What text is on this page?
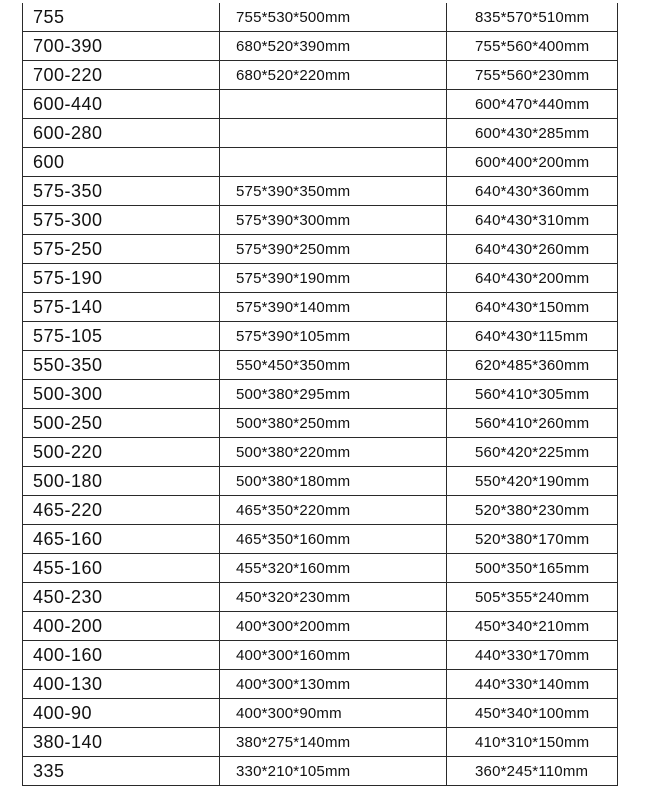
755	755*530*500mm	835*570*510mm
700-390	680*520*390mm	755*560*400mm
700-220	680*520*220mm	755*560*230mm
600-440		600*470*440mm
600-280		600*430*285mm
600		600*400*200mm
575-350	575*390*350mm	640*430*360mm
575-300	575*390*300mm	640*430*310mm
575-250	575*390*250mm	640*430*260mm
575-190	575*390*190mm	640*430*200mm
575-140	575*390*140mm	640*430*150mm
575-105	575*390*105mm	640*430*115mm
550-350	550*450*350mm	620*485*360mm
500-300	500*380*295mm	560*410*305mm
500-250	500*380*250mm	560*410*260mm
500-220	500*380*220mm	560*420*225mm
500-180	500*380*180mm	550*420*190mm
465-220	465*350*220mm	520*380*230mm
465-160	465*350*160mm	520*380*170mm
455-160	455*320*160mm	500*350*165mm
450-230	450*320*230mm	505*355*240mm
400-200	400*300*200mm	450*340*210mm
400-160	400*300*160mm	440*330*170mm
400-130	400*300*130mm	440*330*140mm
400-90	400*300*90mm	450*340*100mm
380-140	380*275*140mm	410*310*150mm
335	330*210*105mm	360*245*110mm
